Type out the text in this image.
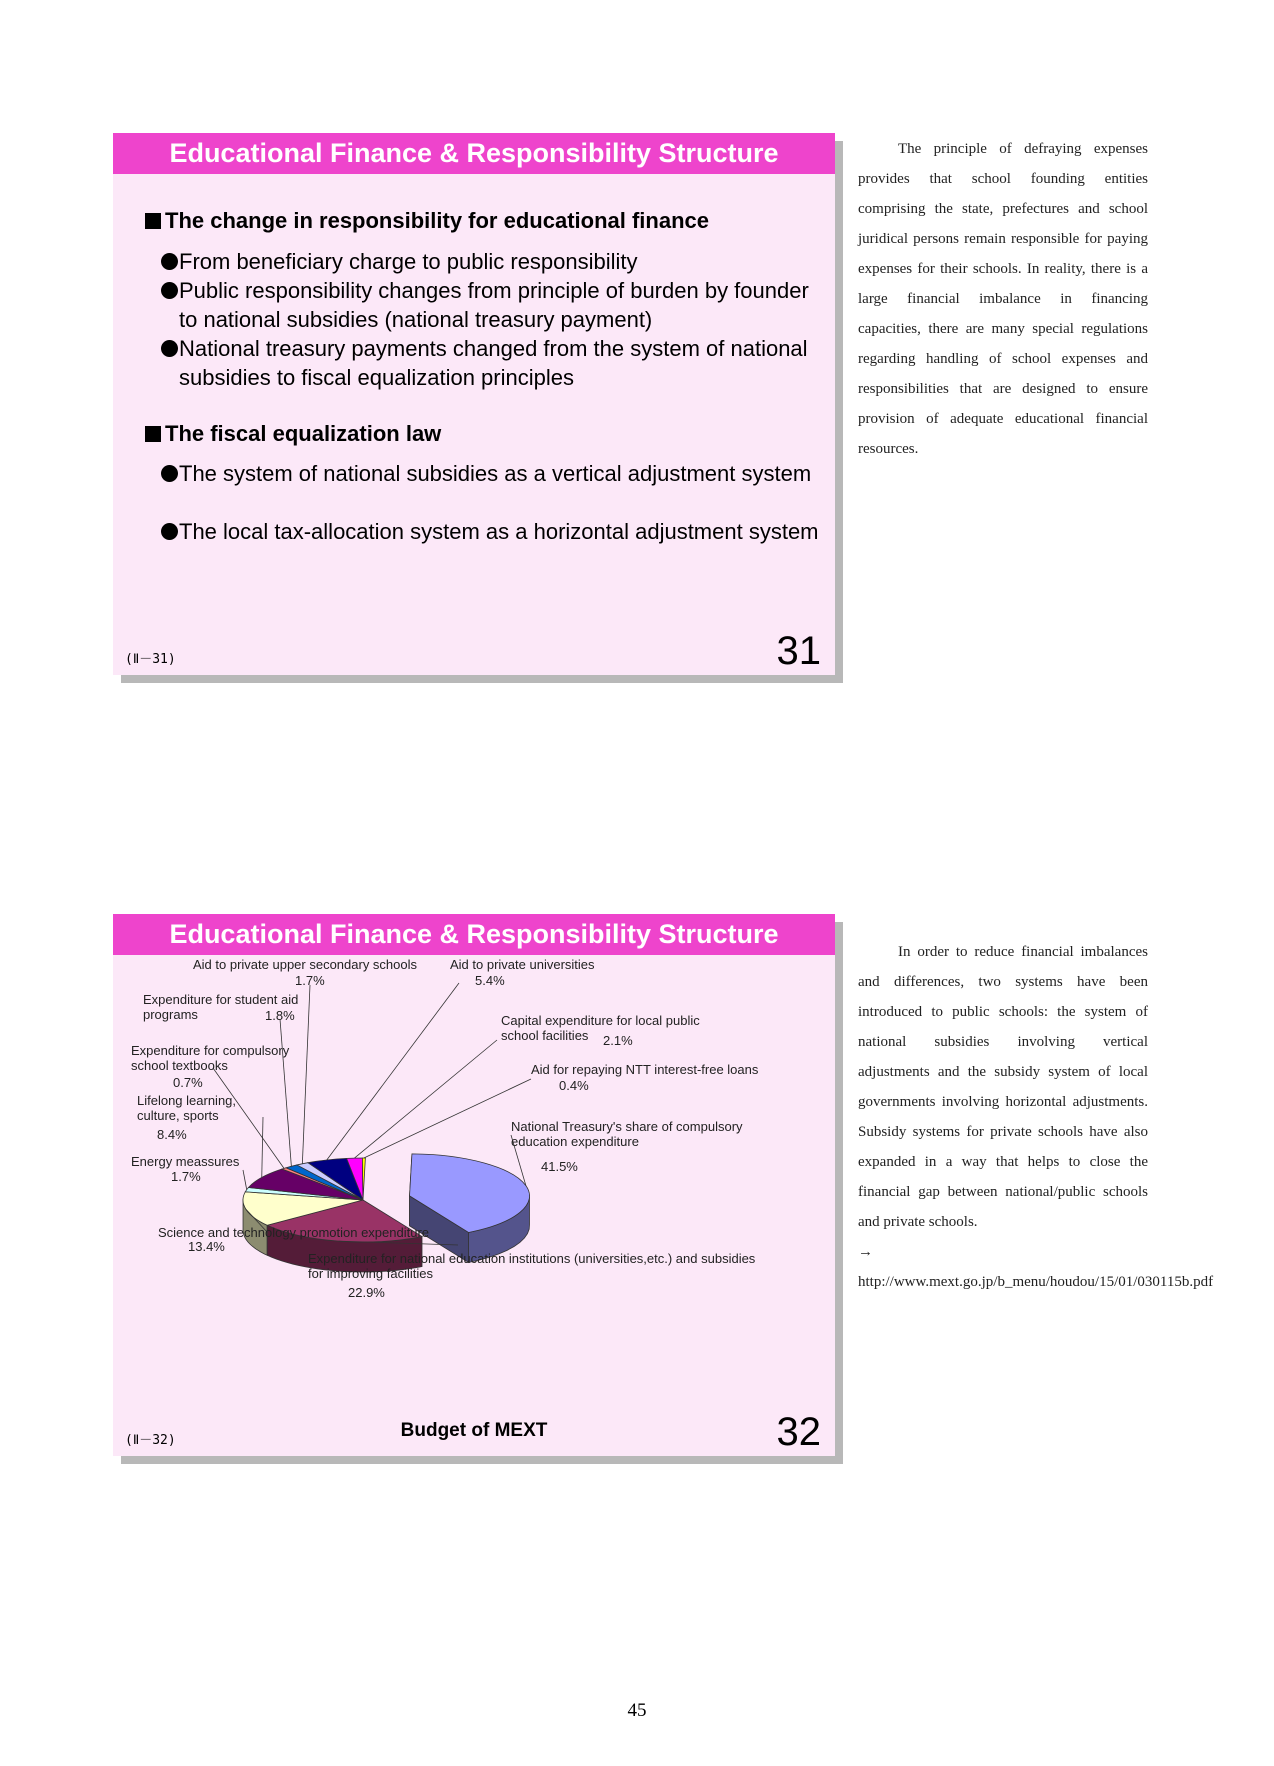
Educational Finance & Responsibility Structure
The change in responsibility for educational finance
From beneficiary charge to public responsibility
Public responsibility changes from principle of burden by founder to national subsidies (national treasury payment)
National treasury payments changed from the system of national subsidies to fiscal equalization principles
The fiscal equalization law
The system of national subsidies as a vertical adjustment system
The local tax-allocation system as a horizontal adjustment system
(Ⅱ－31)	31
The principle of defraying expenses provides that school founding entities comprising the state, prefectures and school juridical persons remain responsible for paying expenses for their schools. In reality, there is a large financial imbalance in financing capacities, there are many special regulations regarding handling of school expenses and responsibilities that are designed to ensure provision of adequate educational financial resources.
Educational Finance & Responsibility Structure
National Treasury's share of compulsory
education expenditure
41.5%
Expenditure for national education institutions (universities,etc.) and subsidies
for improving facilities
22.9%
Science and technology promotion expenditure
13.4%
Energy meassures
1.7%
Lifelong learning,
culture, sports
8.4%
Expenditure for compulsory
school textbooks
0.7%
Expenditure for student aid
programs	1.8%
Aid to private upper secondary schools
1.7%
Aid to private universities
5.4%
Capital expenditure for local public
school facilities 2.1%
Aid for repaying NTT interest-free loans
0.4%
Budget of MEXT
(Ⅱ－32)	32
In order to reduce financial imbalances and differences, two systems have been introduced to public schools: the system of national subsidies involving vertical adjustments and the subsidy system of local governments involving horizontal adjustments. Subsidy systems for private schools have also expanded in a way that helps to close the financial gap between national/public schools and private schools.
→ http://www.mext.go.jp/b_menu/houdou/15/01/030115b.pdf
45
